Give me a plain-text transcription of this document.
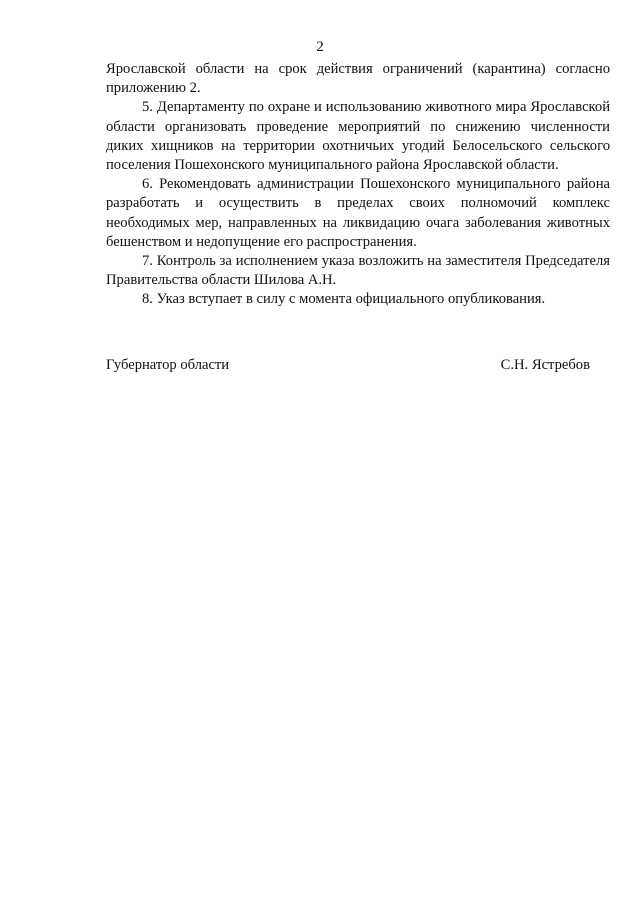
2

Ярославской области на срок действия ограничений (карантина) согласно приложению 2.

5. Департаменту по охране и использованию животного мира Ярославской области организовать проведение мероприятий по снижению численности диких хищников на территории охотничьих угодий Белосельского сельского поселения Пошехонского муниципального района Ярославской области.

6. Рекомендовать администрации Пошехонского муниципального района разработать и осуществить в пределах своих полномочий комплекс необходимых мер, направленных на ликвидацию очага заболевания животных бешенством и недопущение его распространения.

7. Контроль за исполнением указа возложить на заместителя Председателя Правительства области Шилова А.Н.

8. Указ вступает в силу с момента официального опубликования.

Губернатор области	С.Н. Ястребов
